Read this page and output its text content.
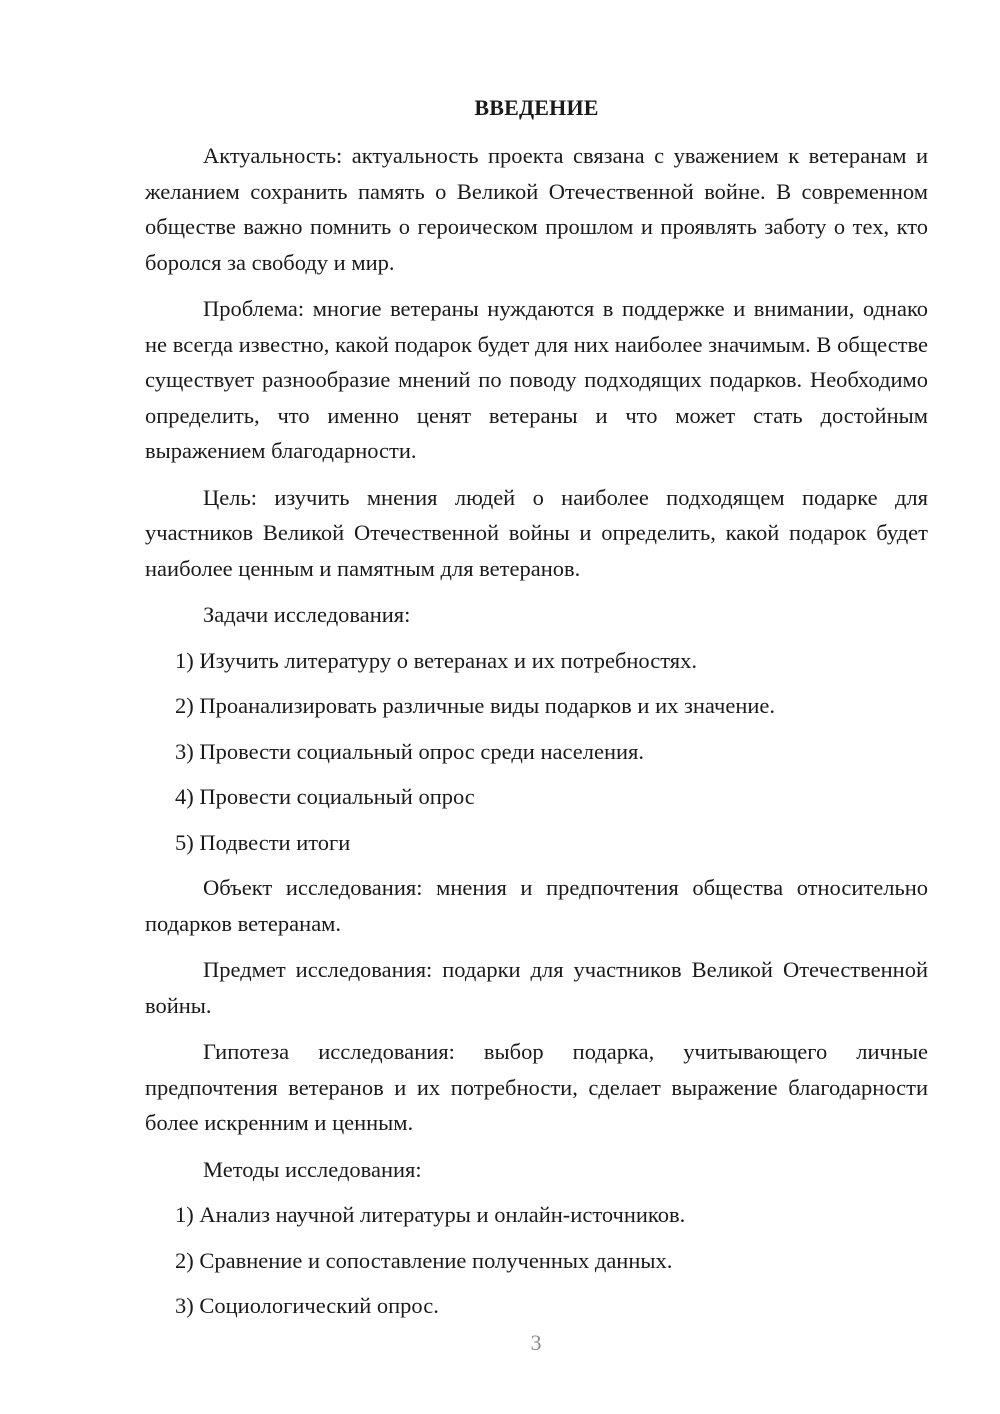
ВВЕДЕНИЕ

Актуальность: актуальность проекта связана с уважением к ветеранам и желанием сохранить память о Великой Отечественной войне. В современном обществе важно помнить о героическом прошлом и проявлять заботу о тех, кто боролся за свободу и мир.

Проблема: многие ветераны нуждаются в поддержке и внимании, однако не всегда известно, какой подарок будет для них наиболее значимым. В обществе существует разнообразие мнений по поводу подходящих подарков. Необходимо определить, что именно ценят ветераны и что может стать достойным выражением благодарности.

Цель: изучить мнения людей о наиболее подходящем подарке для участников Великой Отечественной войны и определить, какой подарок будет наиболее ценным и памятным для ветеранов.

Задачи исследования:
1) Изучить литературу о ветеранах и их потребностях.
2) Проанализировать различные виды подарков и их значение.
3) Провести социальный опрос среди населения.
4) Провести социальный опрос
5) Подвести итоги

Объект исследования: мнения и предпочтения общества относительно подарков ветеранам.

Предмет исследования: подарки для участников Великой Отечественной войны.

Гипотеза исследования: выбор подарка, учитывающего личные предпочтения ветеранов и их потребности, сделает выражение благодарности более искренним и ценным.

Методы исследования:
1) Анализ научной литературы и онлайн-источников.
2) Сравнение и сопоставление полученных данных.
3) Социологический опрос.
3
